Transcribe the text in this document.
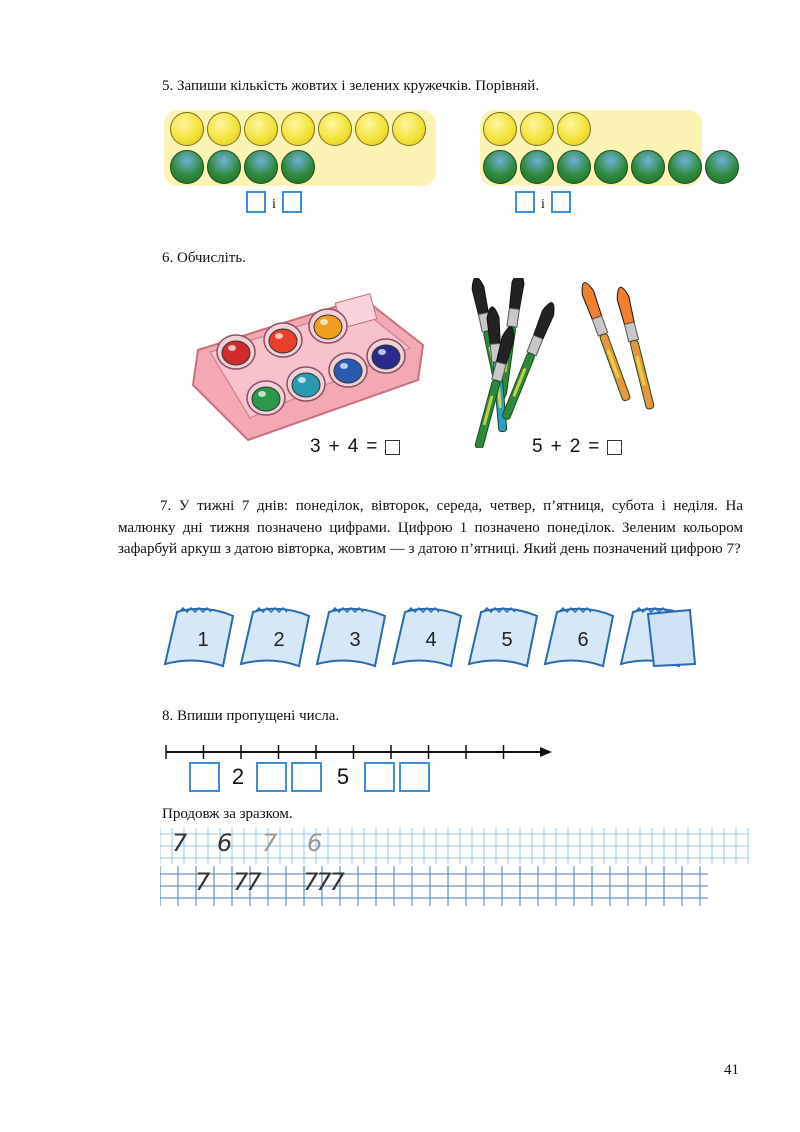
5. Запиши кількість жовтих і зелених кружечків. Порівняй.
і	і
6. Обчисліть.
3 + 4 =	5 + 2 =
7. У тижні 7 днів: понеділок, вівторок, середа, четвер, п’ятниця, субота і неділя. На малюнку дні тижня позначено цифрами. Цифрою 1 позначено понеділок. Зеленим кольором зафарбуй аркуш з датою вівторка, жовтим — з датою п’ятниці. Який день позначений цифрою 7?
1	2	3	4	5	6
8. Впиши пропущені числа.
2	5
Продовж за зразком.
7	6	7	6
7 77	777
41
